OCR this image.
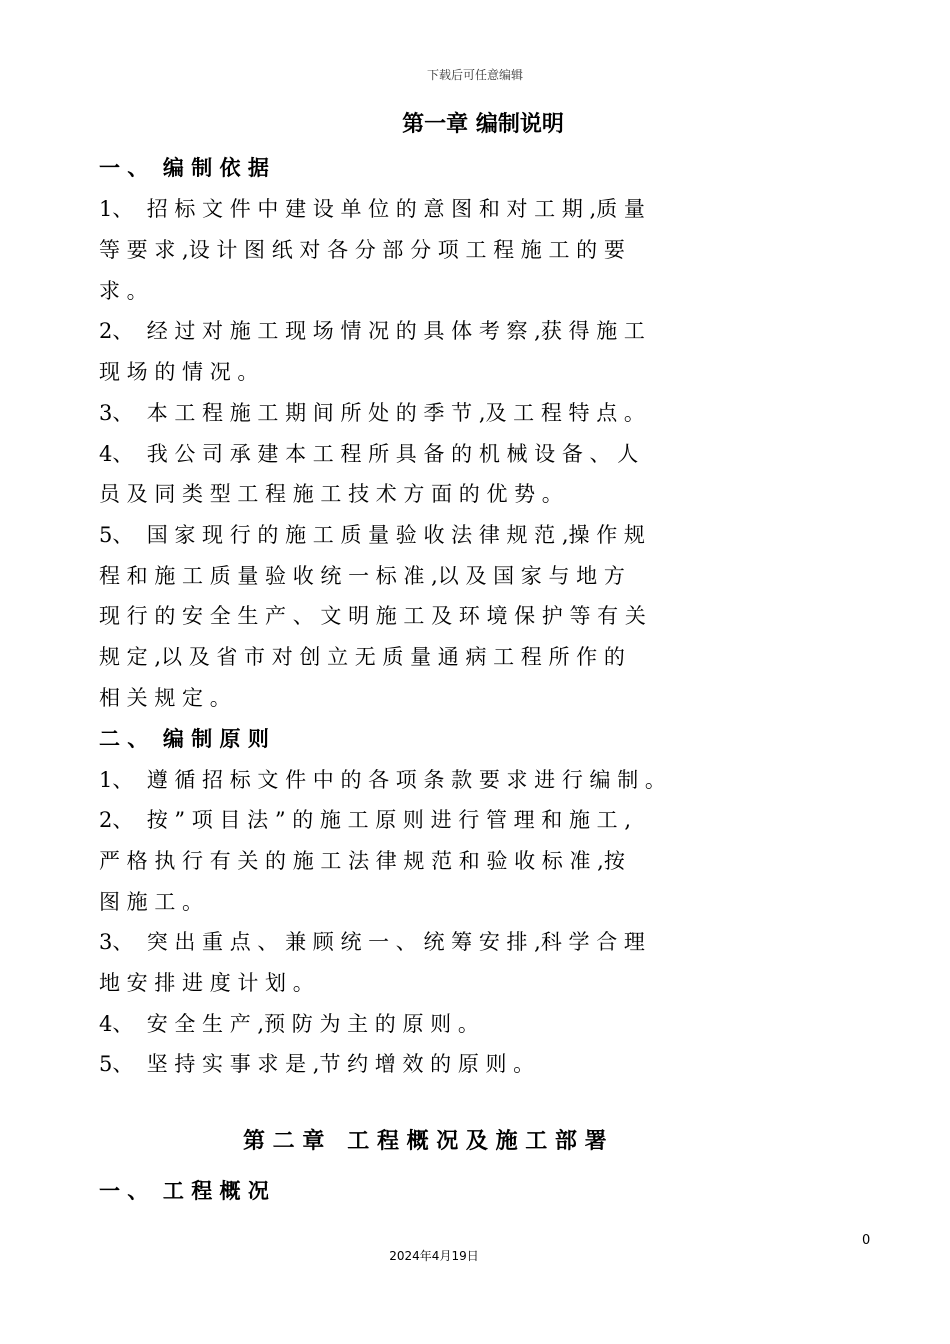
下载后可任意编辑
第一章 编制说明
一 、  编 制 依 据
1、  招 标 文 件 中 建 设 单 位 的 意 图 和 对 工 期 ,质 量
等 要 求 ,设 计 图 纸 对 各 分 部 分 项 工 程 施 工 的 要
求 。
2、  经 过 对 施 工 现 场 情 况 的 具 体 考 察 ,获 得 施 工
现 场 的 情 况 。
3、  本 工 程 施 工 期 间 所 处 的 季 节 ,及 工 程 特 点 。
4、  我 公 司 承 建 本 工 程 所 具 备 的 机 械 设 备 、 人
员 及 同 类 型 工 程 施 工 技 术 方 面 的 优 势 。
5、  国 家 现 行 的 施 工 质 量 验 收 法 律 规 范 ,操 作 规
程 和 施 工 质 量 验 收 统 一 标 准 ,以 及 国 家 与 地 方
现 行 的 安 全 生 产 、 文 明 施 工 及 环 境 保 护 等 有 关
规 定 ,以 及 省 市 对 创 立 无 质 量 通 病 工 程 所 作 的
相 关 规 定 。
二 、  编 制 原 则
1、  遵 循 招 标 文 件 中 的 各 项 条 款 要 求 进 行 编 制 。
2、  按 ” 项 目 法 ” 的 施 工 原 则 进 行 管 理 和 施 工 ,
严 格 执 行 有 关 的 施 工 法 律 规 范 和 验 收 标 准 ,按
图 施 工 。
3、  突 出 重 点 、 兼 顾 统 一 、 统 筹 安 排 ,科 学 合 理
地 安 排 进 度 计 划 。
4、  安 全 生 产 ,预 防 为 主 的 原 则 。
5、  坚 持 实 事 求 是 ,节 约 增 效 的 原 则 。
第 二 章   工 程 概 况 及 施 工 部 署
一 、  工 程 概 况
0
2024年4月19日
